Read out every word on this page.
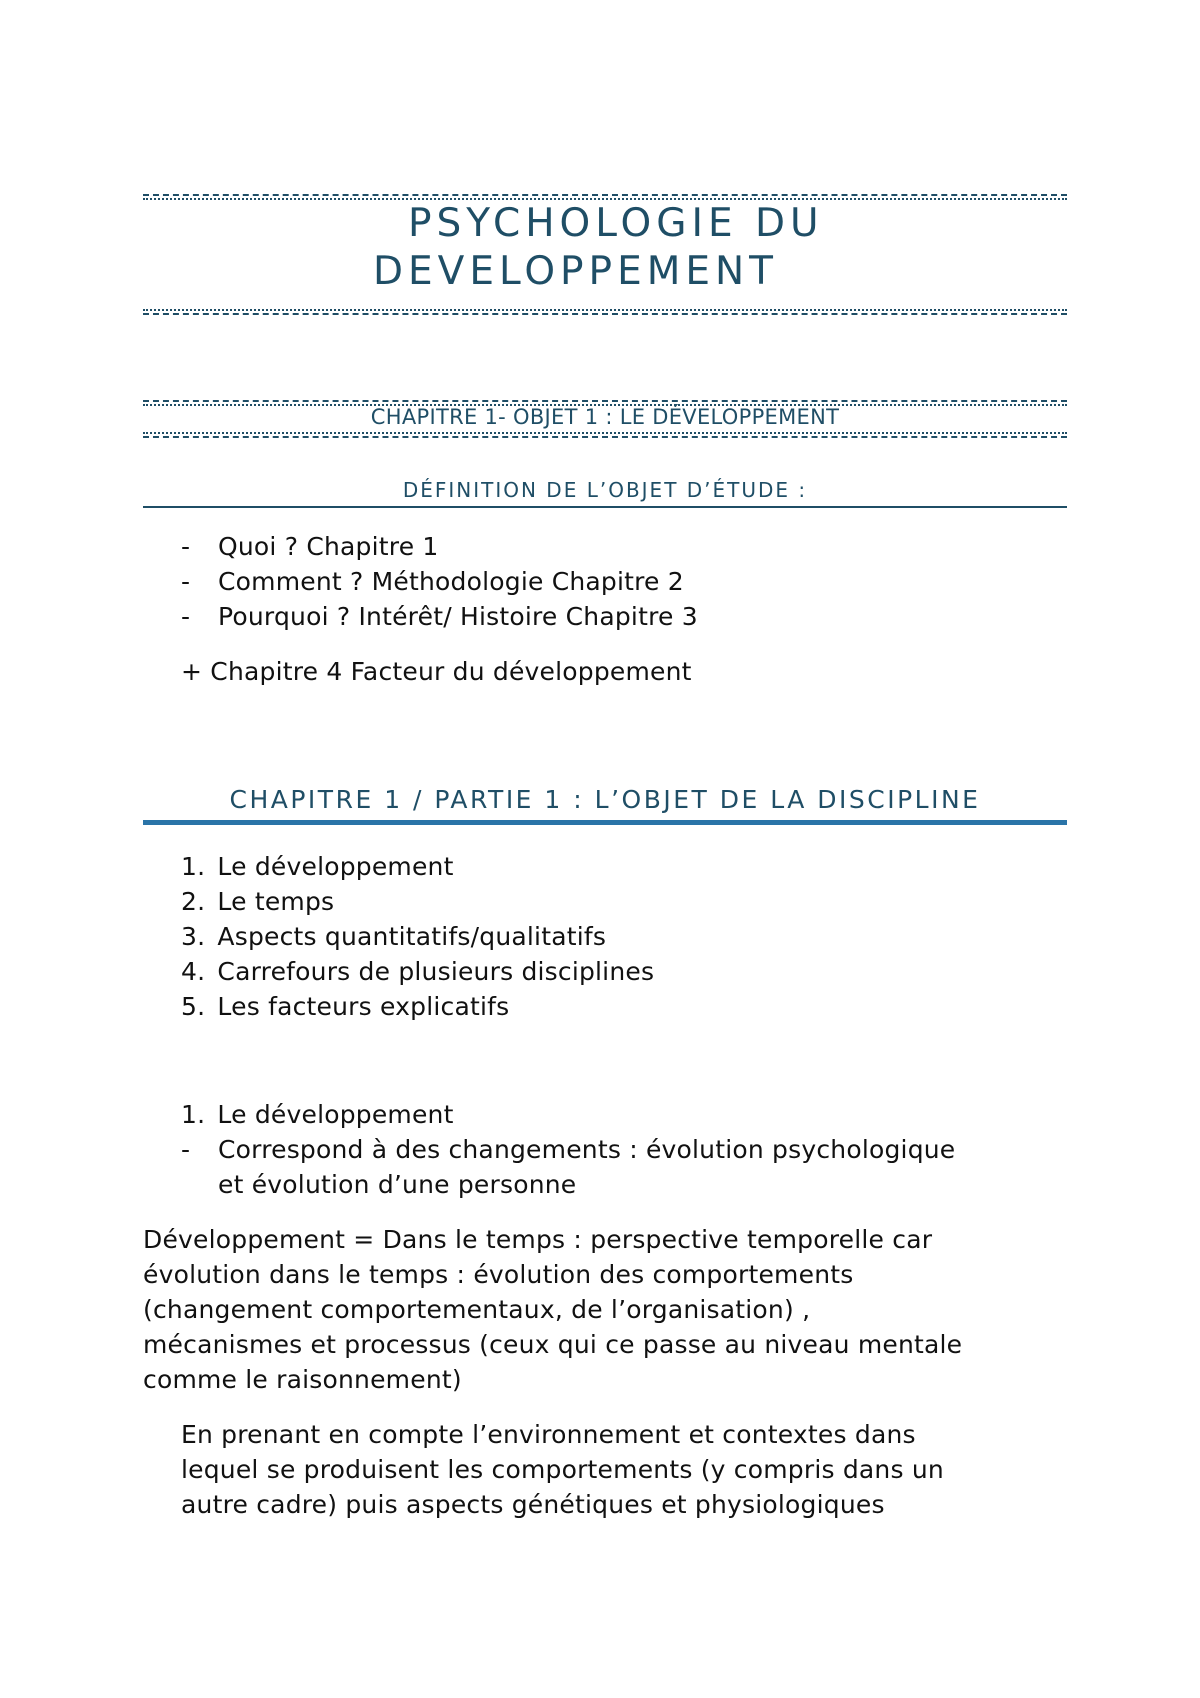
PSYCHOLOGIE DU
DEVELOPPEMENT
CHAPITRE 1- OBJET 1 : LE DÉVELOPPEMENT
DÉFINITION DE L’OBJET D’ÉTUDE :
- Quoi ? Chapitre 1
- Comment ? Méthodologie Chapitre 2
- Pourquoi ? Intérêt/ Histoire Chapitre 3
+ Chapitre 4 Facteur du développement
CHAPITRE 1 / PARTIE 1 : L’OBJET DE LA DISCIPLINE
1. Le développement
2. Le temps
3. Aspects quantitatifs/qualitatifs
4. Carrefours de plusieurs disciplines
5. Les facteurs explicatifs
1. Le développement
- Correspond à des changements : évolution psychologique
et évolution d’une personne
Développement = Dans le temps : perspective temporelle car
évolution dans le temps : évolution des comportements
(changement comportementaux, de l’organisation) ,
mécanismes et processus (ceux qui ce passe au niveau mentale
comme le raisonnement)
En prenant en compte l’environnement et contextes dans
lequel se produisent les comportements (y compris dans un
autre cadre) puis aspects génétiques et physiologiques
